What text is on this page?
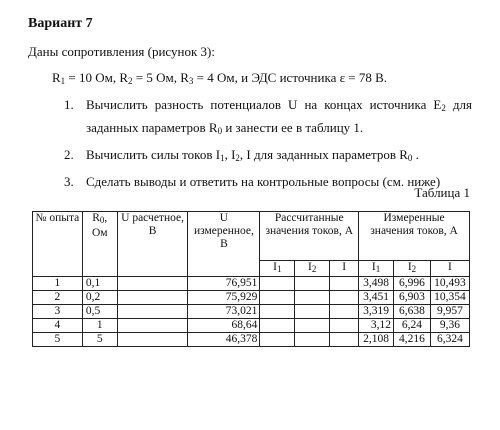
Вариант 7
Даны сопротивления (рисунок 3):
$R_1 = 10$ Ом, $R_2 = 5$ Ом, $R_3 = 4$ Ом, и ЭДС источника ε = 78 В.
1. Вычислить разность потенциалов U на концах источника $E_2$ для заданных параметров $R_0$ и занести ее в таблицу 1.
2. Вычислить силы токов $I_1$, $I_2$, I для заданных параметров $R_0$ .
3. Сделать выводы и ответить на контрольные вопросы (см. ниже)
Таблица 1
№ опыта	$R_0$, Ом	U расчетное, В	U измеренное, В	Рассчитанные значения токов, А			Измеренные значения токов, А		
				$I_1$	$I_2$	I	$I_1$	$I_2$	I
1	0,1		76,951				3,498	6,996	10,493
2	0,2		75,929				3,451	6,903	10,354
3	0,5		73,021				3,319	6,638	9,957
4	1		68,64				3,12	6,24	9,36
5	5		46,378				2,108	4,216	6,324
